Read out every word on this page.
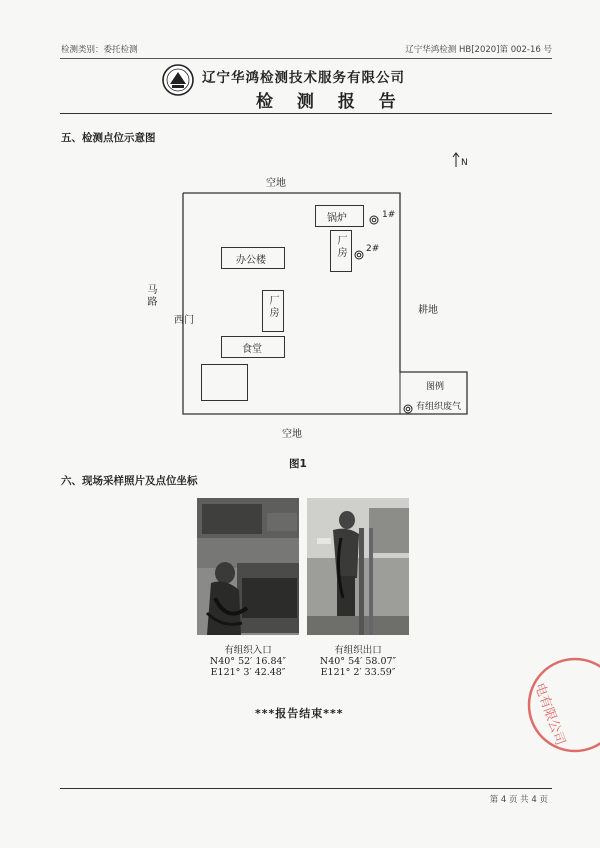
检测类别：委托检测	辽宁华鸿检测 HB[2020]第 002-16 号
辽宁华鸿检测技术服务有限公司
检 测 报 告
五、检测点位示意图
N
空地
空地
耕地
马路
西门
锅炉	1#
厂房 2#
办公楼
厂房
食堂
图例
有组织废气
图1
六、现场采样照片及点位坐标
有组织入口
N40° 52′ 16.84″
E121° 3′ 42.48″
有组织出口
N40° 54′ 58.07″
E121° 2′ 33.59″
***报告结束***	电有限公司
第 4 页 共 4 页
